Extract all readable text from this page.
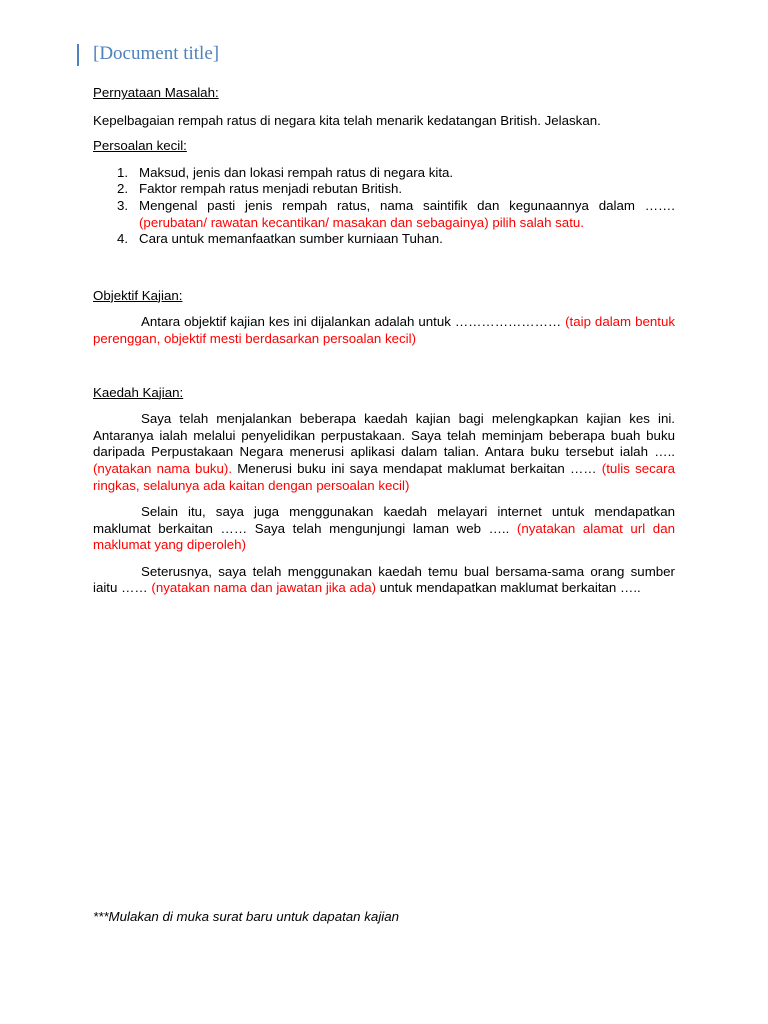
[Document title]

Pernyataan Masalah:

Kepelbagaian rempah ratus di negara kita telah menarik kedatangan British. Jelaskan.

Persoalan kecil:

1. Maksud, jenis dan lokasi rempah ratus di negara kita.
2. Faktor rempah ratus menjadi rebutan British.
3. Mengenal pasti jenis rempah ratus, nama saintifik dan kegunaannya dalam ……. (perubatan/ rawatan kecantikan/ masakan dan sebagainya) pilih salah satu.
4. Cara untuk memanfaatkan sumber kurniaan Tuhan.

Objektif Kajian:

Antara objektif kajian kes ini dijalankan adalah untuk …………………… (taip dalam bentuk perenggan, objektif mesti berdasarkan persoalan kecil)

Kaedah Kajian:

Saya telah menjalankan beberapa kaedah kajian bagi melengkapkan kajian kes ini. Antaranya ialah melalui penyelidikan perpustakaan. Saya telah meminjam beberapa buah buku daripada Perpustakaan Negara menerusi aplikasi dalam talian. Antara buku tersebut ialah ….. (nyatakan nama buku). Menerusi buku ini saya mendapat maklumat berkaitan …… (tulis secara ringkas, selalunya ada kaitan dengan persoalan kecil)

Selain itu, saya juga menggunakan kaedah melayari internet untuk mendapatkan maklumat berkaitan …… Saya telah mengunjungi laman web ….. (nyatakan alamat url dan maklumat yang diperoleh)

Seterusnya, saya telah menggunakan kaedah temu bual bersama-sama orang sumber iaitu …… (nyatakan nama dan jawatan jika ada) untuk mendapatkan maklumat berkaitan …..

***Mulakan di muka surat baru untuk dapatan kajian
